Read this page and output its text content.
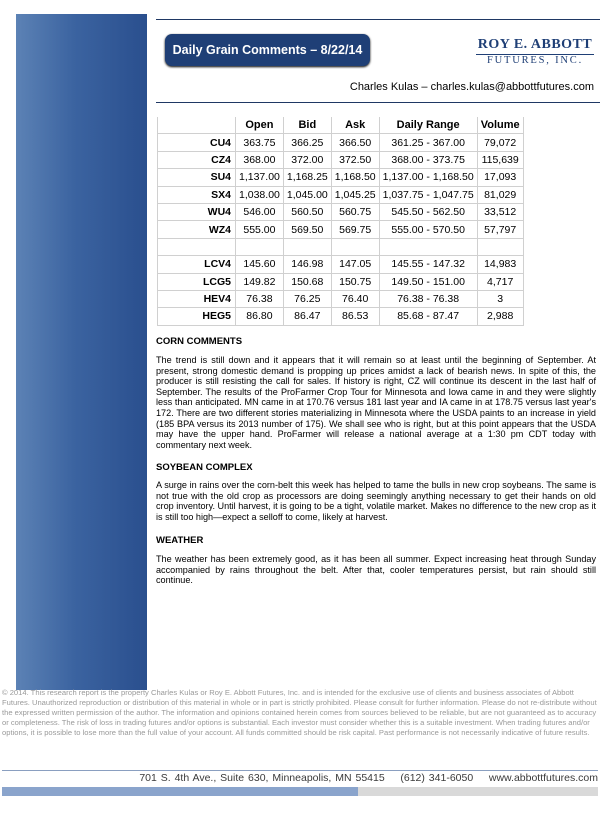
Daily Grain Comments – 8/22/14	ROY E. ABBOTT
FUTURES, INC.
Charles Kulas – charles.kulas@abbottfutures.com
	Open	Bid	Ask	Daily Range	Volume
CU4	363.75	366.25	366.50	361.25 - 367.00	79,072
CZ4	368.00	372.00	372.50	368.00 - 373.75	115,639
SU4	1,137.00	1,168.25	1,168.50	1,137.00 - 1,168.50	17,093
SX4	1,038.00	1,045.00	1,045.25	1,037.75 - 1,047.75	81,029
WU4	546.00	560.50	560.75	545.50 - 562.50	33,512
WZ4	555.00	569.50	569.75	555.00 - 570.50	57,797

LCV4	145.60	146.98	147.05	145.55 - 147.32	14,983
LCG5	149.82	150.68	150.75	149.50 - 151.00	4,717
HEV4	76.38	76.25	76.40	76.38 - 76.38	3
HEG5	86.80	86.47	86.53	85.68 - 87.47	2,988
CORN COMMENTS
The trend is still down and it appears that it will remain so at least until the beginning of September. At present, strong domestic demand is propping up prices amidst a lack of bearish news. In spite of this, the producer is still resisting the call for sales. If history is right, CZ will continue its descent in the last half of September. The results of the ProFarmer Crop Tour for Minnesota and Iowa came in and they were slightly less than anticipated. MN came in at 170.76 versus 181 last year and IA came in at 178.75 versus last year's 172. There are two different stories materializing in Minnesota where the USDA paints to an increase in yield (185 BPA versus its 2013 number of 175). We shall see who is right, but at this point appears that the USDA may have the upper hand. ProFarmer will release a national average at a 1:30 pm CDT today with commentary next week.
SOYBEAN COMPLEX
A surge in rains over the corn-belt this week has helped to tame the bulls in new crop soybeans. The same is not true with the old crop as processors are doing seemingly anything necessary to get their hands on old crop inventory. Until harvest, it is going to be a tight, volatile market. Makes no difference to the new crop as it is still too high—expect a selloff to come, likely at harvest.
WEATHER
The weather has been extremely good, as it has been all summer. Expect increasing heat through Sunday accompanied by rains throughout the belt. After that, cooler temperatures persist, but rain should still continue.
© 2014. This research report is the property Charles Kulas or Roy E. Abbott Futures, Inc. and is intended for the exclusive use of clients and business associates of Abbott Futures. Unauthorized reproduction or distribution of this material in whole or in part is strictly prohibited. Please consult for further information. Please do not re-distribute without the expressed written permission of the author. The information and opinions contained herein comes from sources believed to be reliable, but are not guaranteed as to accuracy or completeness. The risk of loss in trading futures and/or options is substantial. Each investor must consider whether this is a suitable investment. When trading futures and/or options, it is possible to lose more than the full value of your account. All funds committed should be risk capital. Past performance is not necessarily indicative of future results.
701 S. 4th Ave., Suite 630, Minneapolis, MN 55415 (612) 341-6050 www.abbottfutures.com
